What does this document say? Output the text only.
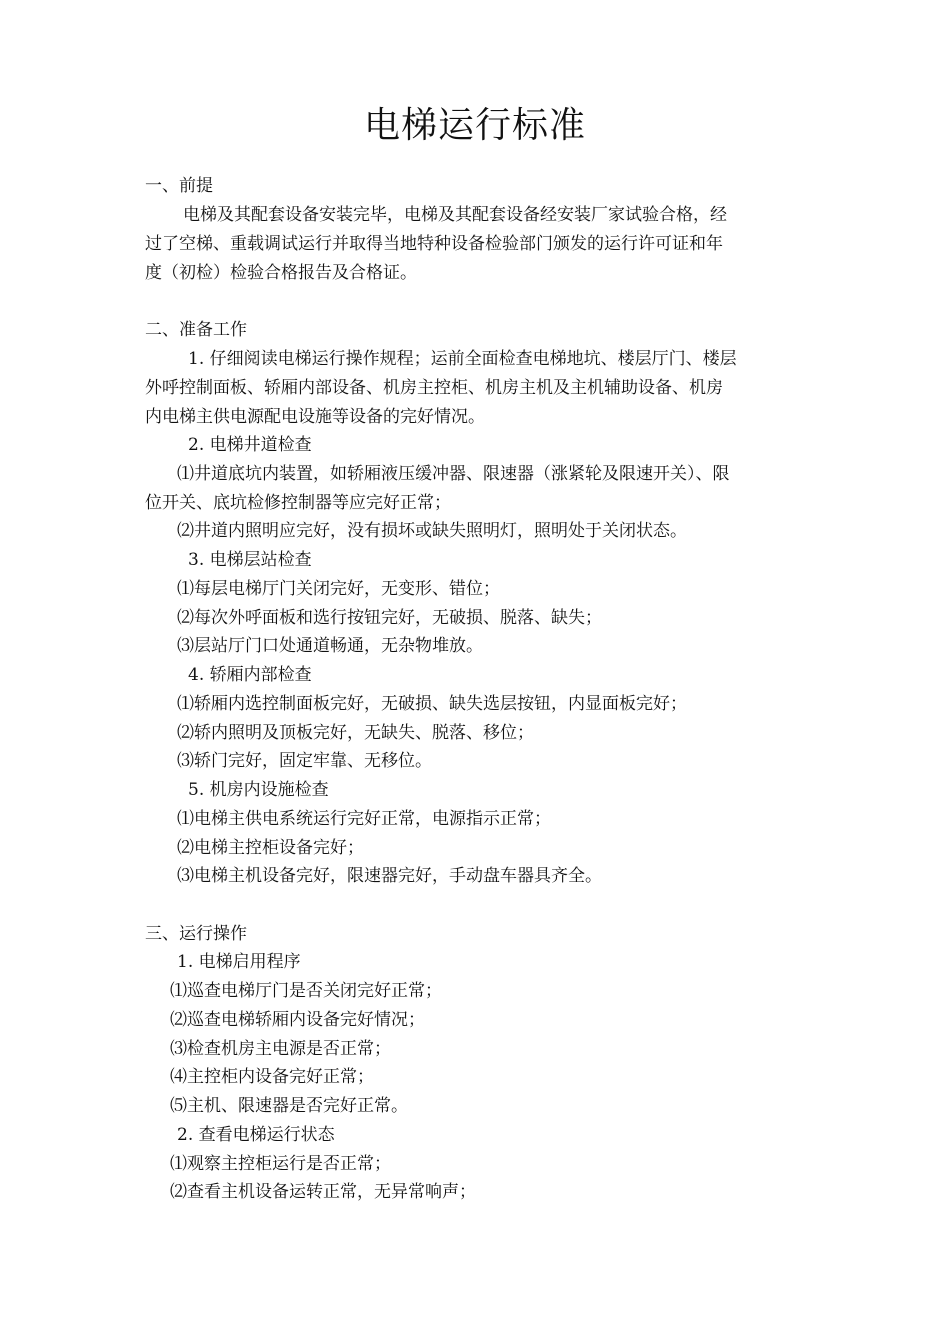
电梯运行标准

一、前提

电梯及其配套设备安装完毕，电梯及其配套设备经安装厂家试验合格，经

过了空梯、重载调试运行并取得当地特种设备检验部门颁发的运行许可证和年

度（初检）检验合格报告及合格证。

二、准备工作

1. 仔细阅读电梯运行操作规程；运前全面检查电梯地坑、楼层厅门、楼层

外呼控制面板、轿厢内部设备、机房主控柜、机房主机及主机辅助设备、机房

内电梯主供电源配电设施等设备的完好情况。

2. 电梯井道检查

⑴井道底坑内装置，如轿厢液压缓冲器、限速器（涨紧轮及限速开关）、限

位开关、底坑检修控制器等应完好正常；

⑵井道内照明应完好，没有损坏或缺失照明灯，照明处于关闭状态。

3. 电梯层站检查

⑴每层电梯厅门关闭完好，无变形、错位；

⑵每次外呼面板和选行按钮完好，无破损、脱落、缺失；

⑶层站厅门口处通道畅通，无杂物堆放。

4. 轿厢内部检查

⑴轿厢内选控制面板完好，无破损、缺失选层按钮，内显面板完好；

⑵轿内照明及顶板完好，无缺失、脱落、移位；

⑶轿门完好，固定牢靠、无移位。

5. 机房内设施检查

⑴电梯主供电系统运行完好正常，电源指示正常；

⑵电梯主控柜设备完好；

⑶电梯主机设备完好，限速器完好，手动盘车器具齐全。

三、运行操作

1. 电梯启用程序

⑴巡查电梯厅门是否关闭完好正常；

⑵巡查电梯轿厢内设备完好情况；

⑶检查机房主电源是否正常；

⑷主控柜内设备完好正常；

⑸主机、限速器是否完好正常。

2. 查看电梯运行状态

⑴观察主控柜运行是否正常；

⑵查看主机设备运转正常，无异常响声；
